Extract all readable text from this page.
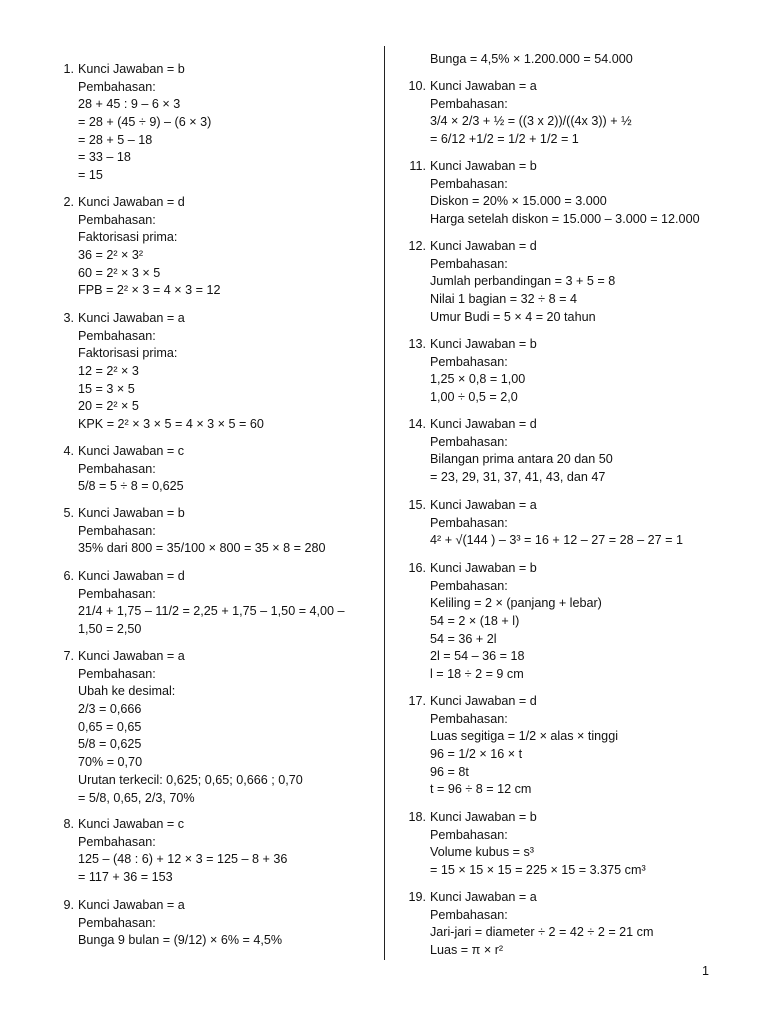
1. Kunci Jawaban = b
Pembahasan:
28 + 45 : 9 – 6 × 3
= 28 + (45 ÷ 9) – (6 × 3)
= 28 + 5 – 18
= 33 – 18
= 15
2. Kunci Jawaban = d
Pembahasan:
Faktorisasi prima:
36 = 2² × 3²
60 = 2² × 3 × 5
FPB = 2² × 3 = 4 × 3 = 12
3. Kunci Jawaban = a
Pembahasan:
Faktorisasi prima:
12 = 2² × 3
15 = 3 × 5
20 = 2² × 5
KPK = 2² × 3 × 5 = 4 × 3 × 5 = 60
4. Kunci Jawaban = c
Pembahasan:
5/8 = 5 ÷ 8 = 0,625
5. Kunci Jawaban = b
Pembahasan:
35% dari 800 = 35/100 × 800 = 35 × 8 = 280
6. Kunci Jawaban = d
Pembahasan:
21/4 + 1,75 – 11/2 = 2,25 + 1,75 – 1,50 = 4,00 –
1,50 = 2,50
7. Kunci Jawaban = a
Pembahasan:
Ubah ke desimal:
2/3 = 0,666
0,65 = 0,65
5/8 = 0,625
70% = 0,70
Urutan terkecil: 0,625; 0,65; 0,666 ; 0,70
= 5/8, 0,65, 2/3, 70%
8. Kunci Jawaban = c
Pembahasan:
125 – (48 : 6) + 12 × 3 = 125 – 8 + 36
= 117 + 36 = 153
9. Kunci Jawaban = a
Pembahasan:
Bunga 9 bulan = (9/12) × 6% = 4,5%
Bunga = 4,5% × 1.200.000 = 54.000
10. Kunci Jawaban = a
Pembahasan:
3/4 × 2/3 + ½ = ((3 x 2))/((4x 3)) + ½
= 6/12 +1/2 = 1/2 + 1/2 = 1
11. Kunci Jawaban = b
Pembahasan:
Diskon = 20% × 15.000 = 3.000
Harga setelah diskon = 15.000 – 3.000 = 12.000
12. Kunci Jawaban = d
Pembahasan:
Jumlah perbandingan = 3 + 5 = 8
Nilai 1 bagian = 32 ÷ 8 = 4
Umur Budi = 5 × 4 = 20 tahun
13. Kunci Jawaban = b
Pembahasan:
1,25 × 0,8 = 1,00
1,00 ÷ 0,5 = 2,0
14. Kunci Jawaban = d
Pembahasan:
Bilangan prima antara 20 dan 50
= 23, 29, 31, 37, 41, 43, dan 47
15. Kunci Jawaban = a
Pembahasan:
4² + √(144 ) – 3³ = 16 + 12 – 27 = 28 – 27 = 1
16. Kunci Jawaban = b
Pembahasan:
Keliling = 2 × (panjang + lebar)
54 = 2 × (18 + l)
54 = 36 + 2l
2l = 54 – 36 = 18
l = 18 ÷ 2 = 9 cm
17. Kunci Jawaban = d
Pembahasan:
Luas segitiga = 1/2 × alas × tinggi
96 = 1/2 × 16 × t
96 = 8t
t = 96 ÷ 8 = 12 cm
18. Kunci Jawaban = b
Pembahasan:
Volume kubus = s³
= 15 × 15 × 15 = 225 × 15 = 3.375 cm³
19. Kunci Jawaban = a
Pembahasan:
Jari-jari = diameter ÷ 2 = 42 ÷ 2 = 21 cm
Luas = π × r²
1
